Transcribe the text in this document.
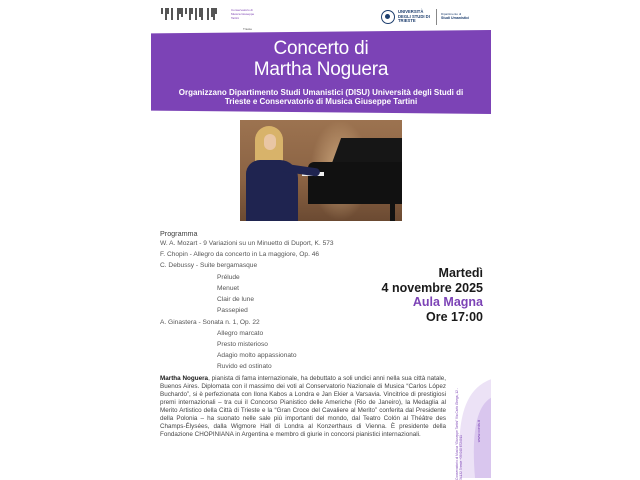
Conservatorio di Musica Giuseppe Tartini
Trieste
UNIVERSITÀ DEGLI STUDI DI TRIESTE
Dipartimento di
Studi Umanistici
Concerto di
Martha Noguera
Organizzano Dipartimento Studi Umanistici (DISU) Università degli Studi di Trieste e Conservatorio di Musica Giuseppe Tartini
Programma
W. A. Mozart - 9 Variazioni su un Minuetto di Duport, K. 573
F. Chopin - Allegro da concerto in La maggiore, Op. 46
C. Debussy - Suite bergamasque
Prélude
Menuet
Clair de lune
Passepied
A. Ginastera - Sonata n. 1, Op. 22
Allegro marcato
Presto misterioso
Adagio molto appassionato
Ruvido ed ostinato
Martedì
4 novembre 2025
Aula Magna
Ore 17:00
Martha Noguera, pianista di fama internazionale, ha debuttato a soli undici anni nella sua città natale, Buenos Aires. Diplomata con il massimo dei voti al Conservatorio Nazionale di Musica “Carlos López Buchardo”, si è perfezionata con Ilona Kabos a Londra e Jan Ekier a Varsavia. Vincitrice di prestigiosi premi internazionali – tra cui il Concorso Pianistico delle Americhe (Rio de Janeiro), la Medaglia al Merito Artistico della Città di Trieste e la “Gran Croce del Cavaliere al Merito” conferita dal Presidente della Polonia – ha suonato nelle sale più importanti del mondo, dal Teatro Colón al Théâtre des Champs-Élysées, dalla Wigmore Hall di Londra al Konzerthaus di Vienna. È presidente della Fondazione CHOPINIANA in Argentina e membro di giurie in concorsi pianistici internazionali.	Conservatorio di Musica “Giuseppe Tartini” Via Carlo Ghega, 12 - 34132 Trieste +39 040 6724911
www.conts.it
